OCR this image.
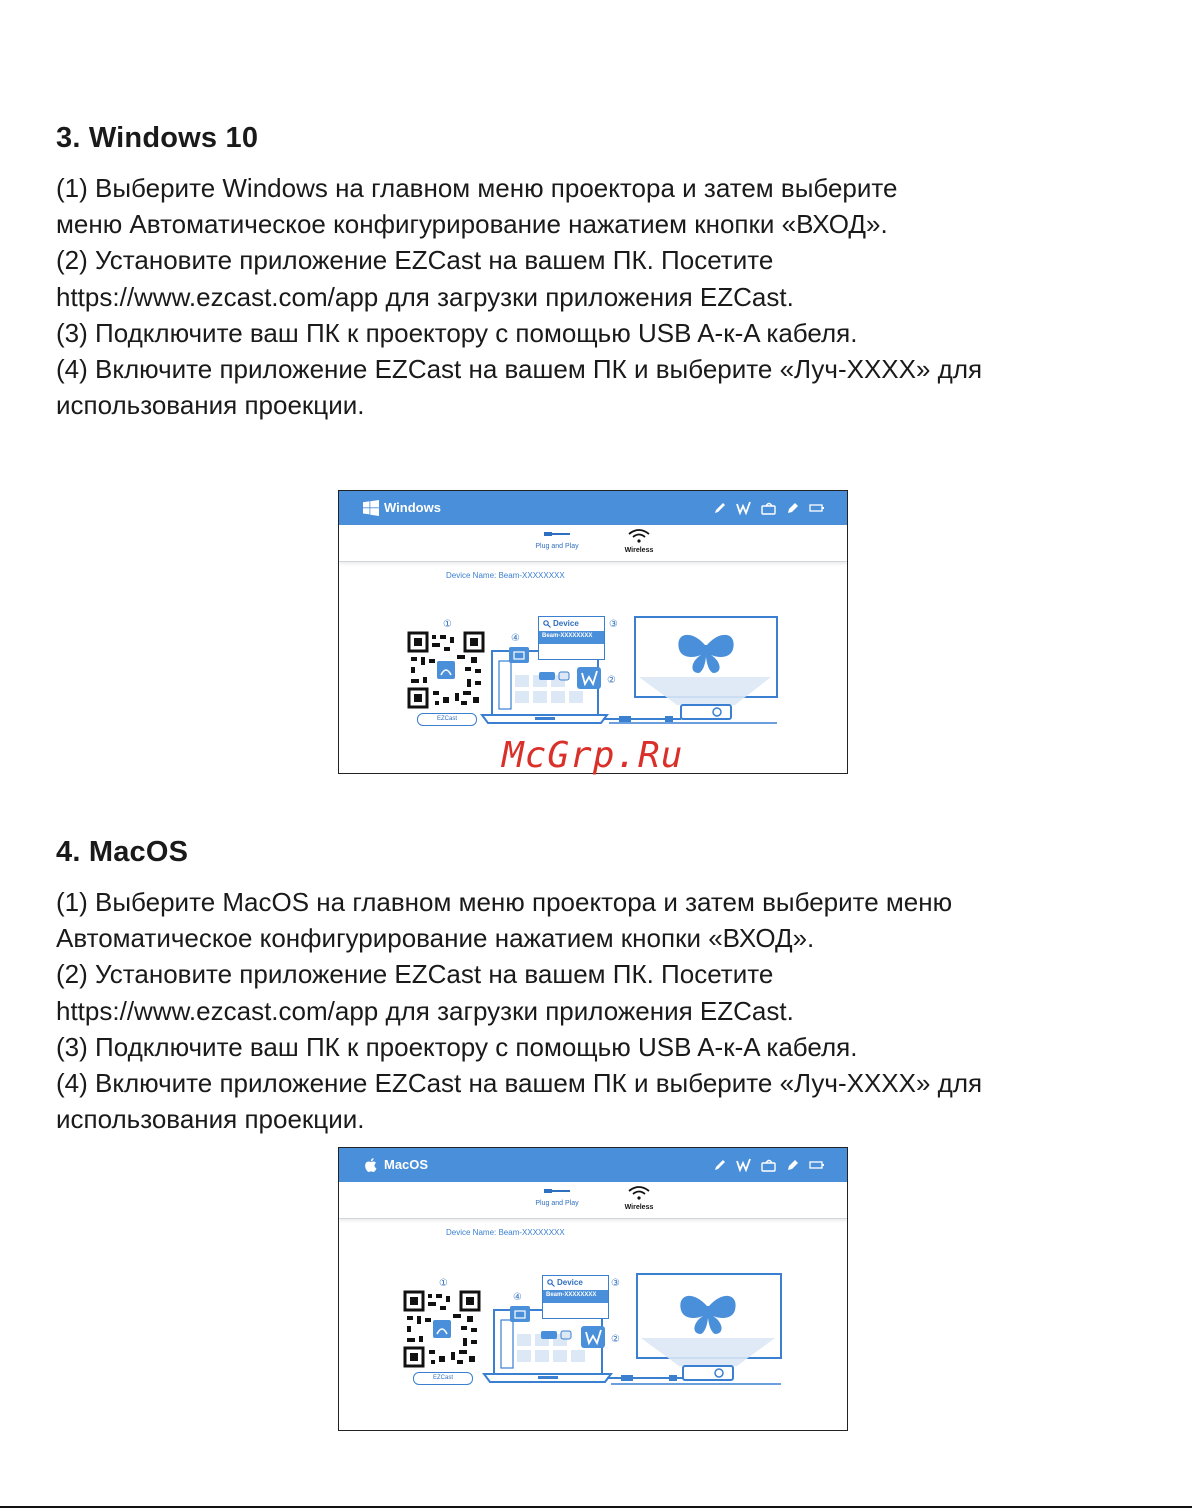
3. Windows 10

(1) Выберите Windows на главном меню проектора и затем выберите
меню Автоматическое конфигурирование нажатием кнопки «ВХОД».
(2) Установите приложение EZCast на вашем ПК. Посетите
https://www.ezcast.com/app для загрузки приложения EZCast.
(3) Подключите ваш ПК к проектору с помощью USB A-к-A кабеля.
(4) Включите приложение EZCast на вашем ПК и выберите «Луч-XXXX» для
использования проекции.

Windows
Plug and Play
Wireless
Device Name: Beam-XXXXXXXX
①
④
③
②
Device
Beam-XXXXXXXX
EZCast
McGrp.Ru
4. MacOS

(1) Выберите MacOS на главном меню проектора и затем выберите меню
Автоматическое конфигурирование нажатием кнопки «ВХОД».
(2) Установите приложение EZCast на вашем ПК. Посетите
https://www.ezcast.com/app для загрузки приложения EZCast.
(3) Подключите ваш ПК к проектору с помощью USB A-к-A кабеля.
(4) Включите приложение EZCast на вашем ПК и выберите «Луч-XXXX» для
использования проекции.

MacOS
Plug and Play
Wireless
Device Name: Beam-XXXXXXXX
①
④
③
②
Device
Beam-XXXXXXXX
EZCast
